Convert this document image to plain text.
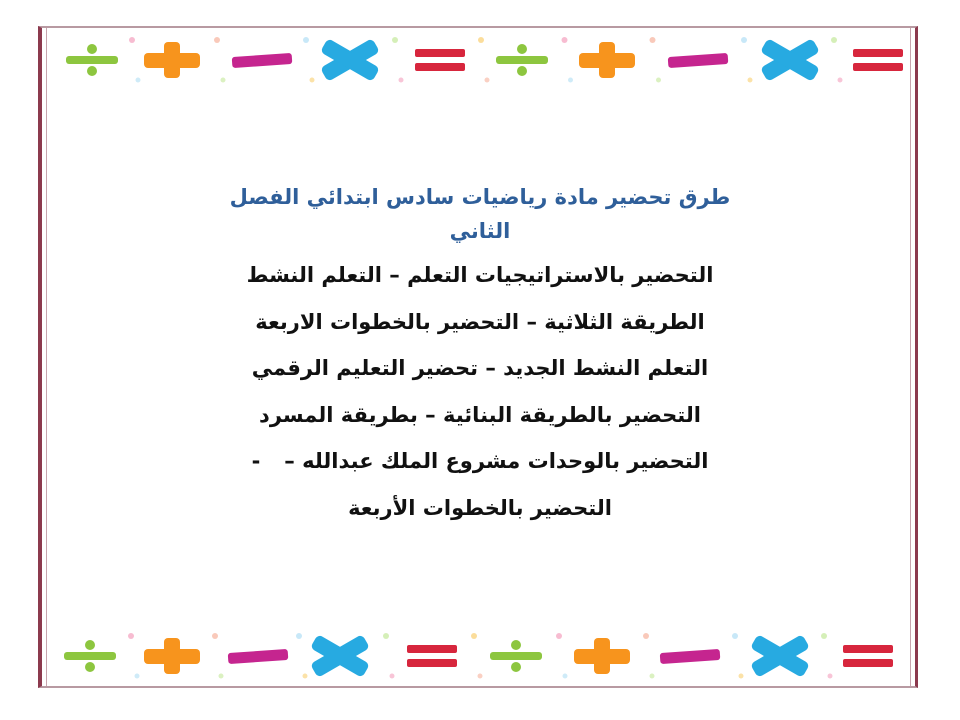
طرق تحضير مادة رياضيات سادس ابتدائي الفصل
الثاني
التحضير بالاستراتيجيات التعلم – التعلم النشط
الطريقة الثلاثية – التحضير بالخطوات الاربعة
التعلم النشط الجديد – تحضير التعليم الرقمي
التحضير بالطريقة البنائية – بطريقة المسرد
التحضير بالوحدات مشروع الملك عبدالله –-
التحضير بالخطوات الأربعة
